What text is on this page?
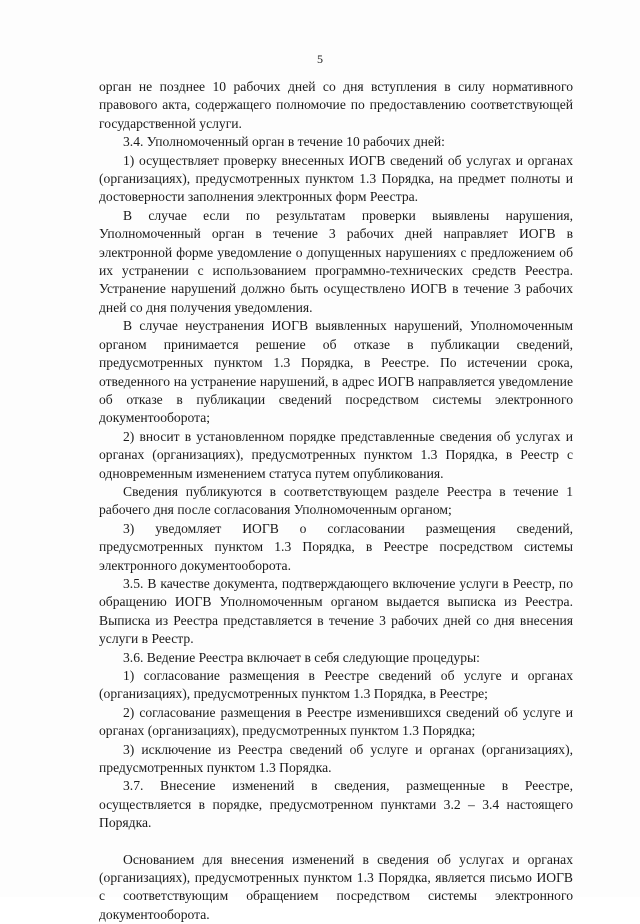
5

орган не позднее 10 рабочих дней со дня вступления в силу нормативного правового акта, содержащего полномочие по предоставлению соответствующей государственной услуги.

3.4. Уполномоченный орган в течение 10 рабочих дней:

1) осуществляет проверку внесенных ИОГВ сведений об услугах и органах (организациях), предусмотренных пунктом 1.3 Порядка, на предмет полноты и достоверности заполнения электронных форм Реестра.

В случае если по результатам проверки выявлены нарушения, Уполномоченный орган в течение 3 рабочих дней направляет ИОГВ в электронной форме уведомление о допущенных нарушениях с предложением об их устранении с использованием программно-технических средств Реестра. Устранение нарушений должно быть осуществлено ИОГВ в течение 3 рабочих дней со дня получения уведомления.

В случае неустранения ИОГВ выявленных нарушений, Уполномоченным органом принимается решение об отказе в публикации сведений, предусмотренных пунктом 1.3 Порядка, в Реестре. По истечении срока, отведенного на устранение нарушений, в адрес ИОГВ направляется уведомление об отказе в публикации сведений посредством системы электронного документооборота;

2) вносит в установленном порядке представленные сведения об услугах и органах (организациях), предусмотренных пунктом 1.3 Порядка, в Реестр с одновременным изменением статуса путем опубликования.

Сведения публикуются в соответствующем разделе Реестра в течение 1 рабочего дня после согласования Уполномоченным органом;

3) уведомляет ИОГВ о согласовании размещения сведений, предусмотренных пунктом 1.3 Порядка, в Реестре посредством системы электронного документооборота.

3.5. В качестве документа, подтверждающего включение услуги в Реестр, по обращению ИОГВ Уполномоченным органом выдается выписка из Реестра. Выписка из Реестра представляется в течение 3 рабочих дней со дня внесения услуги в Реестр.

3.6. Ведение Реестра включает в себя следующие процедуры:

1) согласование размещения в Реестре сведений об услуге и органах (организациях), предусмотренных пунктом 1.3 Порядка, в Реестре;

2) согласование размещения в Реестре изменившихся сведений об услуге и органах (организациях), предусмотренных пунктом 1.3 Порядка;

3) исключение из Реестра сведений об услуге и органах (организациях), предусмотренных пунктом 1.3 Порядка.

3.7. Внесение изменений в сведения, размещенные в Реестре, осуществляется в порядке, предусмотренном пунктами 3.2 – 3.4 настоящего Порядка.

Основанием для внесения изменений в сведения об услугах и органах (организациях), предусмотренных пунктом 1.3 Порядка, является письмо ИОГВ с соответствующим обращением посредством системы электронного документооборота.
